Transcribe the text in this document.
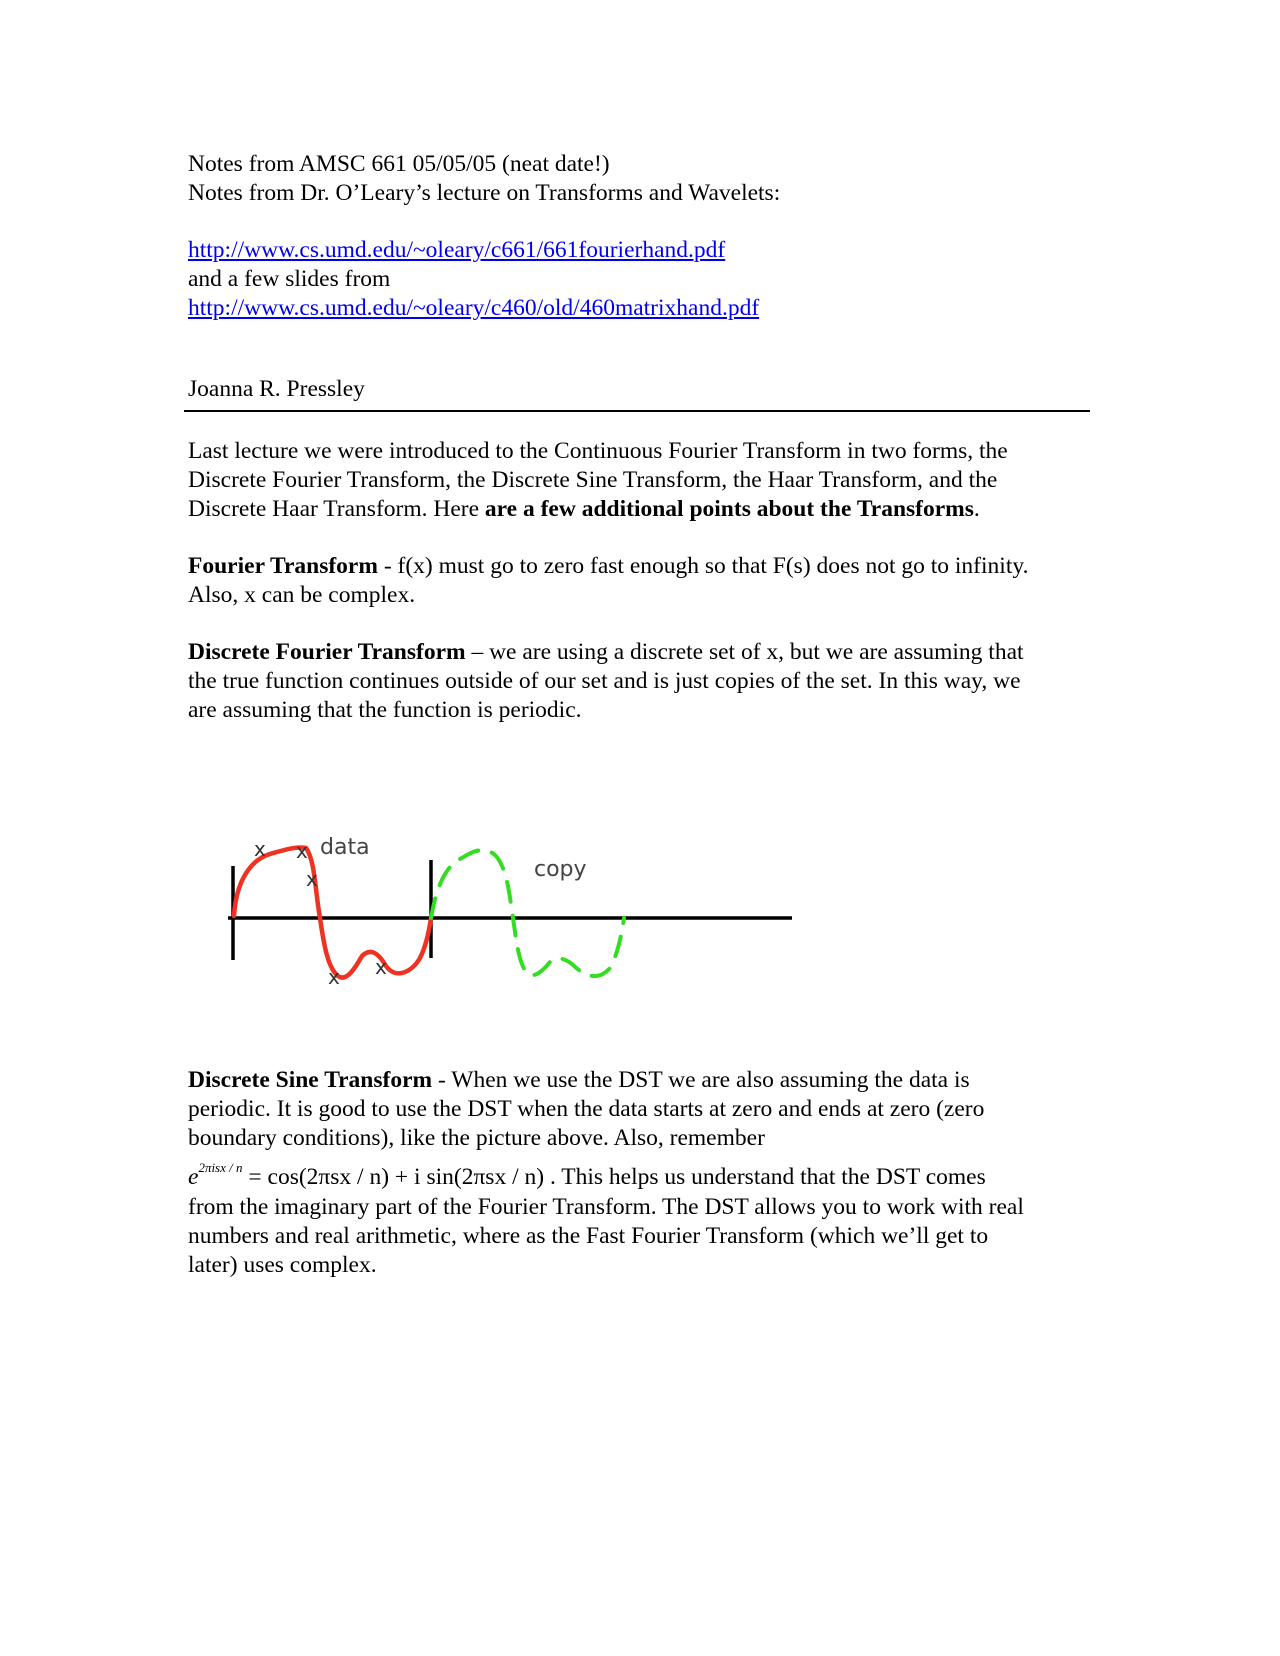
Notes from AMSC 661 05/05/05 (neat date!)
Notes from Dr. O’Leary’s lecture on Transforms and Wavelets:
http://www.cs.umd.edu/~oleary/c661/661fourierhand.pdf
and a few slides from
http://www.cs.umd.edu/~oleary/c460/old/460matrixhand.pdf
Joanna R. Pressley
Last lecture we were introduced to the Continuous Fourier Transform in two forms, the
Discrete Fourier Transform, the Discrete Sine Transform, the Haar Transform, and the
Discrete Haar Transform. Here are a few additional points about the Transforms.
Fourier Transform - f(x) must go to zero fast enough so that F(s) does not go to infinity.
Also, x can be complex.
Discrete Fourier Transform – we are using a discrete set of x, but we are assuming that
the true function continues outside of our set and is just copies of the set. In this way, we
are assuming that the function is periodic.
x x
x
x x
data
copy
Discrete Sine Transform - When we use the DST we are also assuming the data is
periodic. It is good to use the DST when the data starts at zero and ends at zero (zero
boundary conditions), like the picture above. Also, remember
$e^{2\pi isx / n} = \cos(2\pi sx / n) + i$ sin(2πsx / n) . This helps us understand that the DST comes
from the imaginary part of the Fourier Transform. The DST allows you to work with real
numbers and real arithmetic, where as the Fast Fourier Transform (which we’ll get to
later) uses complex.
